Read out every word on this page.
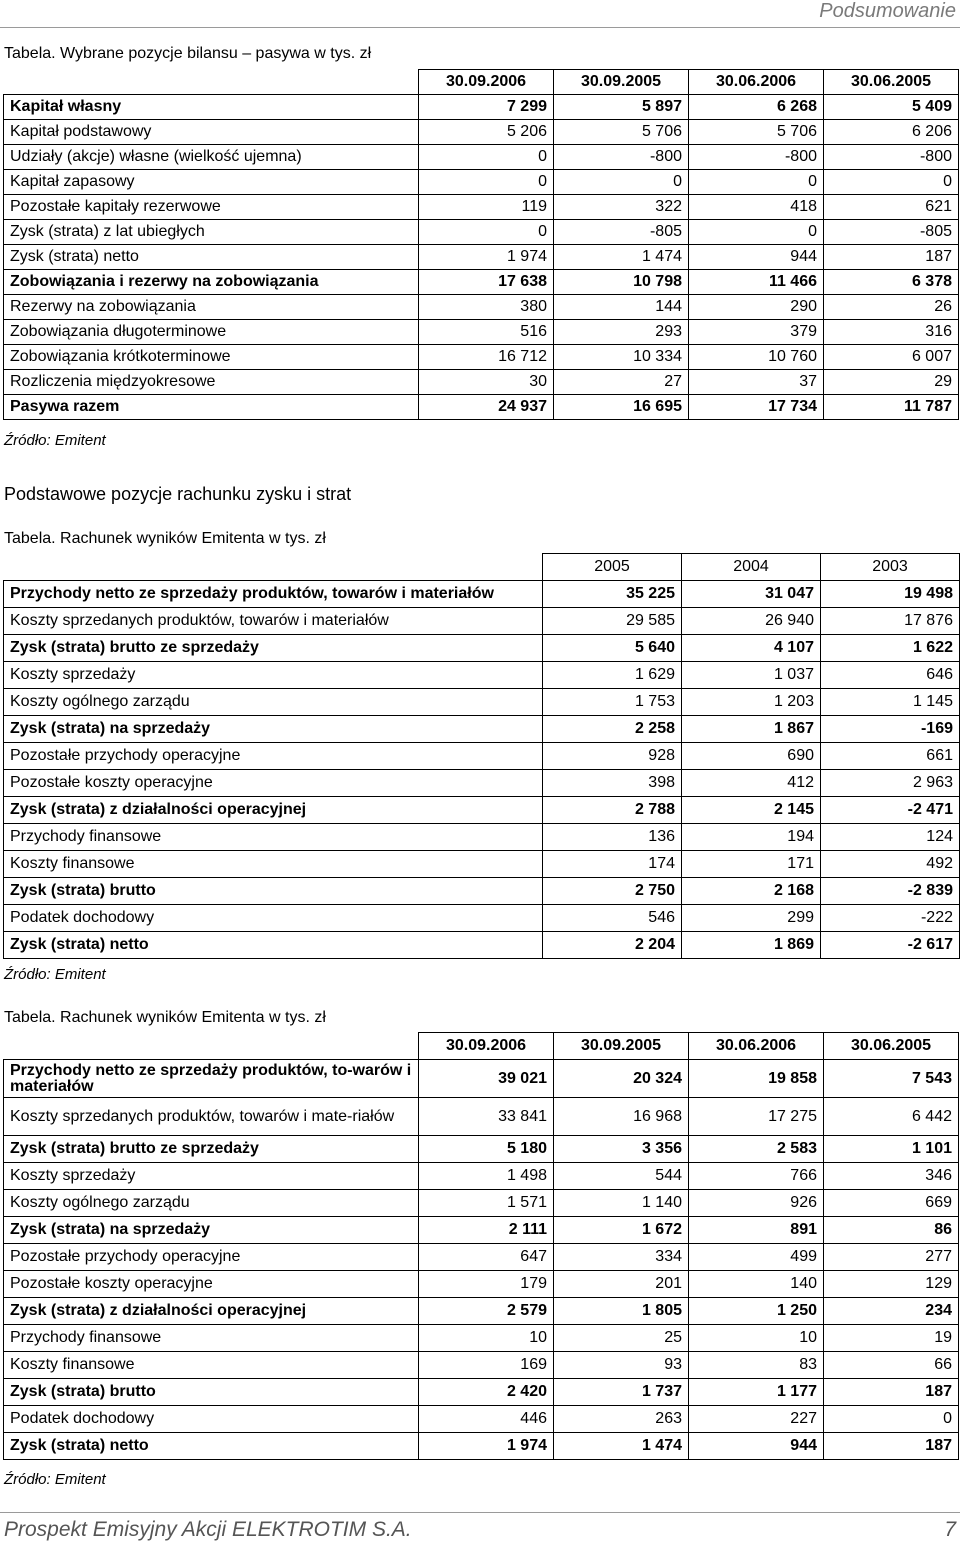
Podsumowanie
Tabela. Wybrane pozycje bilansu – pasywa w tys. zł
	30.09.2006	30.09.2005	30.06.2006	30.06.2005
Kapitał własny	7 299	5 897	6 268	5 409
Kapitał podstawowy	5 206	5 706	5 706	6 206
Udziały (akcje) własne (wielkość ujemna)	0	-800	-800	-800
Kapitał zapasowy	0	0	0	0
Pozostałe kapitały rezerwowe	119	322	418	621
Zysk (strata) z lat ubiegłych	0	-805	0	-805
Zysk (strata) netto	1 974	1 474	944	187
Zobowiązania i rezerwy na zobowiązania	17 638	10 798	11 466	6 378
Rezerwy na zobowiązania	380	144	290	26
Zobowiązania długoterminowe	516	293	379	316
Zobowiązania krótkoterminowe	16 712	10 334	10 760	6 007
Rozliczenia międzyokresowe	30	27	37	29
Pasywa razem	24 937	16 695	17 734	11 787
Źródło: Emitent
Podstawowe pozycje rachunku zysku i strat
Tabela. Rachunek wyników Emitenta w tys. zł
	2005	2004	2003
Przychody netto ze sprzedaży produktów, towarów i materiałów	35 225	31 047	19 498
Koszty sprzedanych produktów, towarów i materiałów	29 585	26 940	17 876
Zysk (strata) brutto ze sprzedaży	5 640	4 107	1 622
Koszty sprzedaży	1 629	1 037	646
Koszty ogólnego zarządu	1 753	1 203	1 145
Zysk (strata) na sprzedaży	2 258	1 867	-169
Pozostałe przychody operacyjne	928	690	661
Pozostałe koszty operacyjne	398	412	2 963
Zysk (strata) z działalności operacyjnej	2 788	2 145	-2 471
Przychody finansowe	136	194	124
Koszty finansowe	174	171	492
Zysk (strata) brutto	2 750	2 168	-2 839
Podatek dochodowy	546	299	-222
Zysk (strata) netto	2 204	1 869	-2 617
Źródło: Emitent
Tabela. Rachunek wyników Emitenta w tys. zł
	30.09.2006	30.09.2005	30.06.2006	30.06.2005
Przychody netto ze sprzedaży produktów, to-warów i materiałów	39 021	20 324	19 858	7 543
Koszty sprzedanych produktów, towarów i mate-riałów	33 841	16 968	17 275	6 442
Zysk (strata) brutto ze sprzedaży	5 180	3 356	2 583	1 101
Koszty sprzedaży	1 498	544	766	346
Koszty ogólnego zarządu	1 571	1 140	926	669
Zysk (strata) na sprzedaży	2 111	1 672	891	86
Pozostałe przychody operacyjne	647	334	499	277
Pozostałe koszty operacyjne	179	201	140	129
Zysk (strata) z działalności operacyjnej	2 579	1 805	1 250	234
Przychody finansowe	10	25	10	19
Koszty finansowe	169	93	83	66
Zysk (strata) brutto	2 420	1 737	1 177	187
Podatek dochodowy	446	263	227	0
Zysk (strata) netto	1 974	1 474	944	187
Źródło: Emitent
Prospekt Emisyjny Akcji ELEKTROTIM S.A.	7
